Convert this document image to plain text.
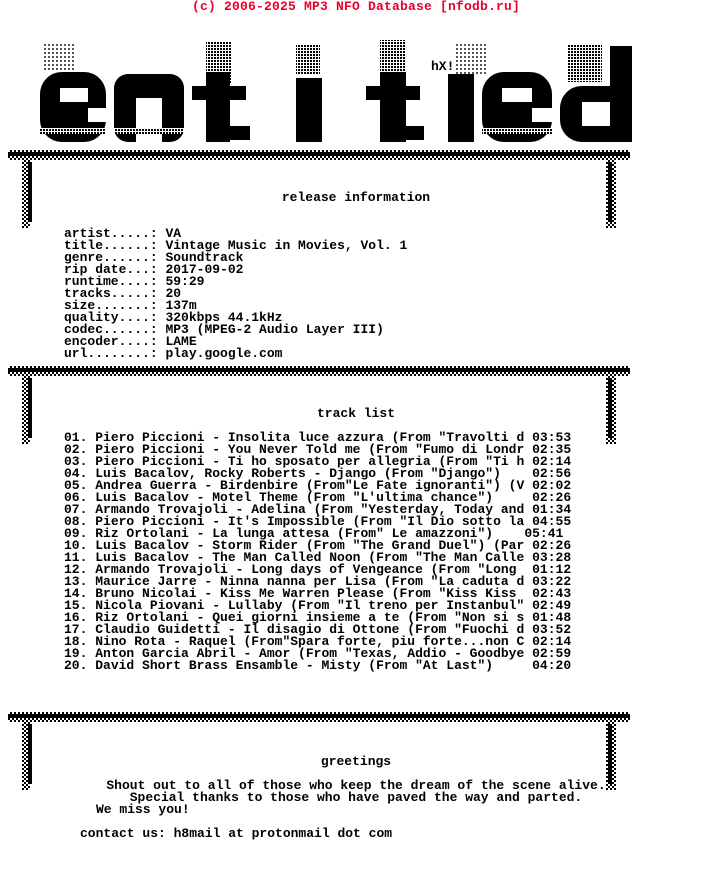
(c) 2006-2025 MP3 NFO Database [nfodb.ru]
hX!
release information
artist.....: VA
title......: Vintage Music in Movies, Vol. 1
genre......: Soundtrack
rip date...: 2017-09-02
runtime....: 59:29
tracks.....: 20
size.......: 137m
quality....: 320kbps 44.1kHz
codec......: MP3 (MPEG-2 Audio Layer III)
encoder....: LAME
url........: play.google.com
track list
01. Piero Piccioni - Insolita luce azzura (From "Travolti d 03:53
02. Piero Piccioni - You Never Told me (From "Fumo di Londr 02:35
03. Piero Piccioni - Ti ho sposato per allegria (From "Ti h 02:14
04. Luis Bacalov, Rocky Roberts - Django (From "Django")    02:56
05. Andrea Guerra - Birdenbire (From"Le Fate ignoranti") (V 02:02
06. Luis Bacalov - Motel Theme (From "L'ultima chance")     02:26
07. Armando Trovajoli - Adelina (From "Yesterday, Today and 01:34
08. Piero Piccioni - It's Impossible (From "Il Dio sotto la 04:55
09. Riz Ortolani - La lunga attesa (From" Le amazzoni")    05:41
10. Luis Bacalov - Storm Rider (From "The Grand Duel") (Par 02:26
11. Luis Bacalov - The Man Called Noon (From "The Man Calle 03:28
12. Armando Trovajoli - Long days of Vengeance (From "Long  01:12
13. Maurice Jarre - Ninna nanna per Lisa (From "La caduta d 03:22
14. Bruno Nicolai - Kiss Me Warren Please (From "Kiss Kiss  02:43
15. Nicola Piovani - Lullaby (From "Il treno per Instanbul" 02:49
16. Riz Ortolani - Quei giorni insieme a te (From "Non si s 01:48
17. Claudio Guidetti - Il disagio di Ottone (From "Fuochi d 03:52
18. Nino Rota - Raquel (From"Spara forte, piu forte...non C 02:14
19. Anton Garcia Abril - Amor (From "Texas, Addio - Goodbye 02:59
20. David Short Brass Ensamble - Misty (From "At Last")     04:20
greetings
Shout out to all of those who keep the dream of the scene alive.
Special thanks to those who have paved the way and parted.
We miss you!
contact us: h8mail at protonmail dot com
